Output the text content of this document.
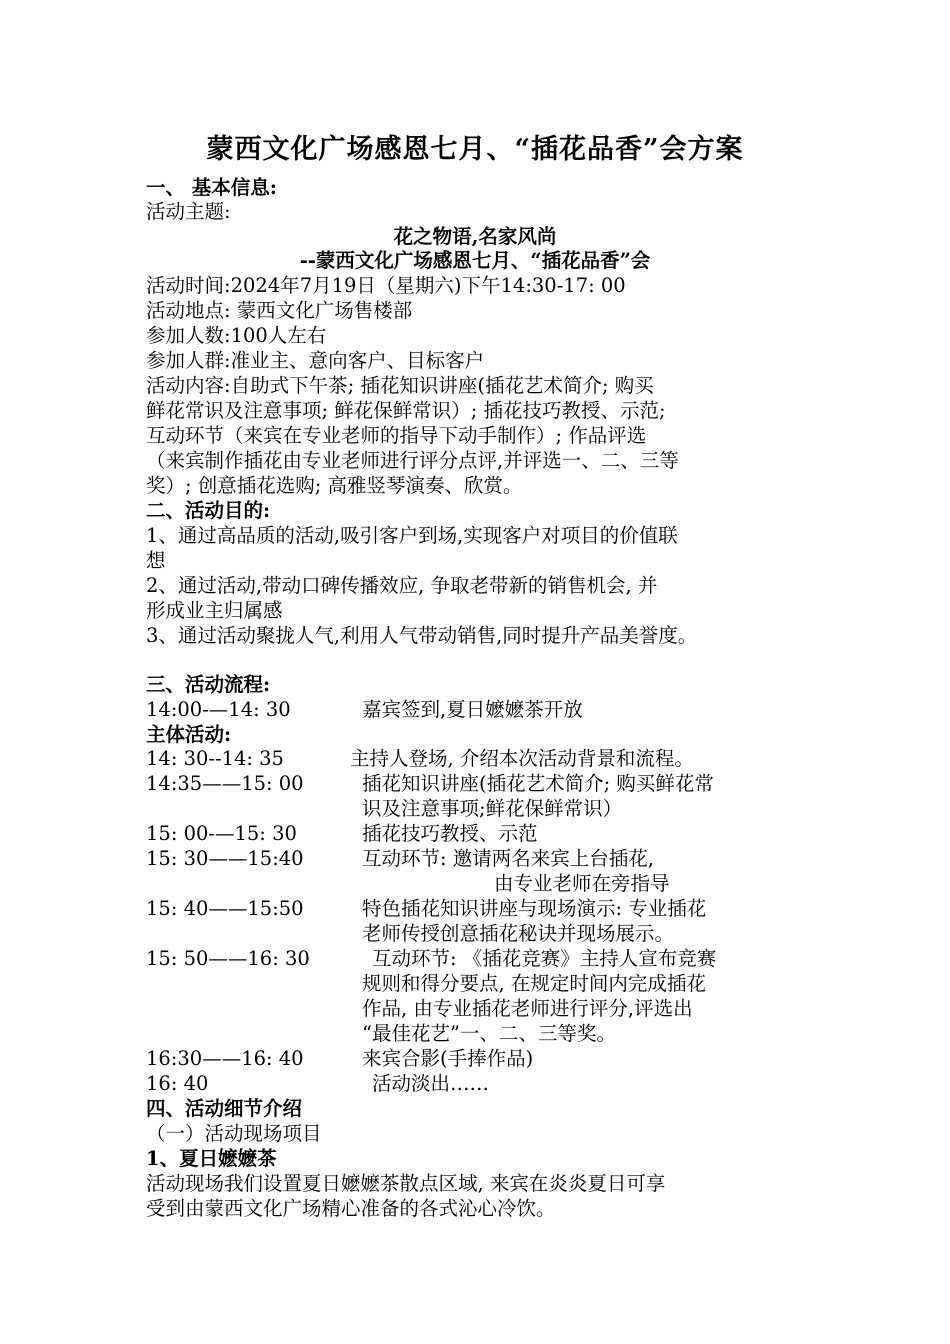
蒙西文化广场感恩七月、“插花品香”会方案
一、 基本信息:
活动主题:
花之物语,名家风尚
--蒙西文化广场感恩七月、“插花品香”会
活动时间:2024年7月19日（星期六)下午14:30-17: 00
活动地点: 蒙西文化广场售楼部
参加人数:100人左右
参加人群:准业主、意向客户、目标客户
活动内容:自助式下午茶; 插花知识讲座(插花艺术简介; 购买
鲜花常识及注意事项; 鲜花保鲜常识）; 插花技巧教授、示范;
互动环节（来宾在专业老师的指导下动手制作）; 作品评选
（来宾制作插花由专业老师进行评分点评,并评选一、二、三等
奖）; 创意插花选购; 高雅竖琴演奏、欣赏。
二、活动目的:
1、通过高品质的活动,吸引客户到场,实现客户对项目的价值联
想
2、通过活动,带动口碑传播效应, 争取老带新的销售机会, 并
形成业主归属感
3、通过活动聚拢人气,利用人气带动销售,同时提升产品美誉度。
三、活动流程:
14:00-—14: 30	嘉宾签到,夏日嬷嬷茶开放
主体活动:
14: 30--14: 35	主持人登场, 介绍本次活动背景和流程。
14:35——15: 00	插花知识讲座(插花艺术简介; 购买鲜花常
识及注意事项;鲜花保鲜常识）
15: 00-—15: 30	插花技巧教授、示范
15: 30——15:40	互动环节: 邀请两名来宾上台插花,
由专业老师在旁指导
15: 40——15:50	特色插花知识讲座与现场演示: 专业插花
老师传授创意插花秘诀并现场展示。
15: 50——16: 30	互动环节: 《插花竞赛》主持人宣布竞赛
规则和得分要点, 在规定时间内完成插花
作品, 由专业插花老师进行评分,评选出
“最佳花艺”一、二、三等奖。
16:30——16: 40	来宾合影(手捧作品)
16: 40	活动淡出……
四、活动细节介绍
（一）活动现场项目
1、夏日嬷嬷茶
活动现场我们设置夏日嬷嬷茶散点区域, 来宾在炎炎夏日可享
受到由蒙西文化广场精心准备的各式沁心冷饮。
